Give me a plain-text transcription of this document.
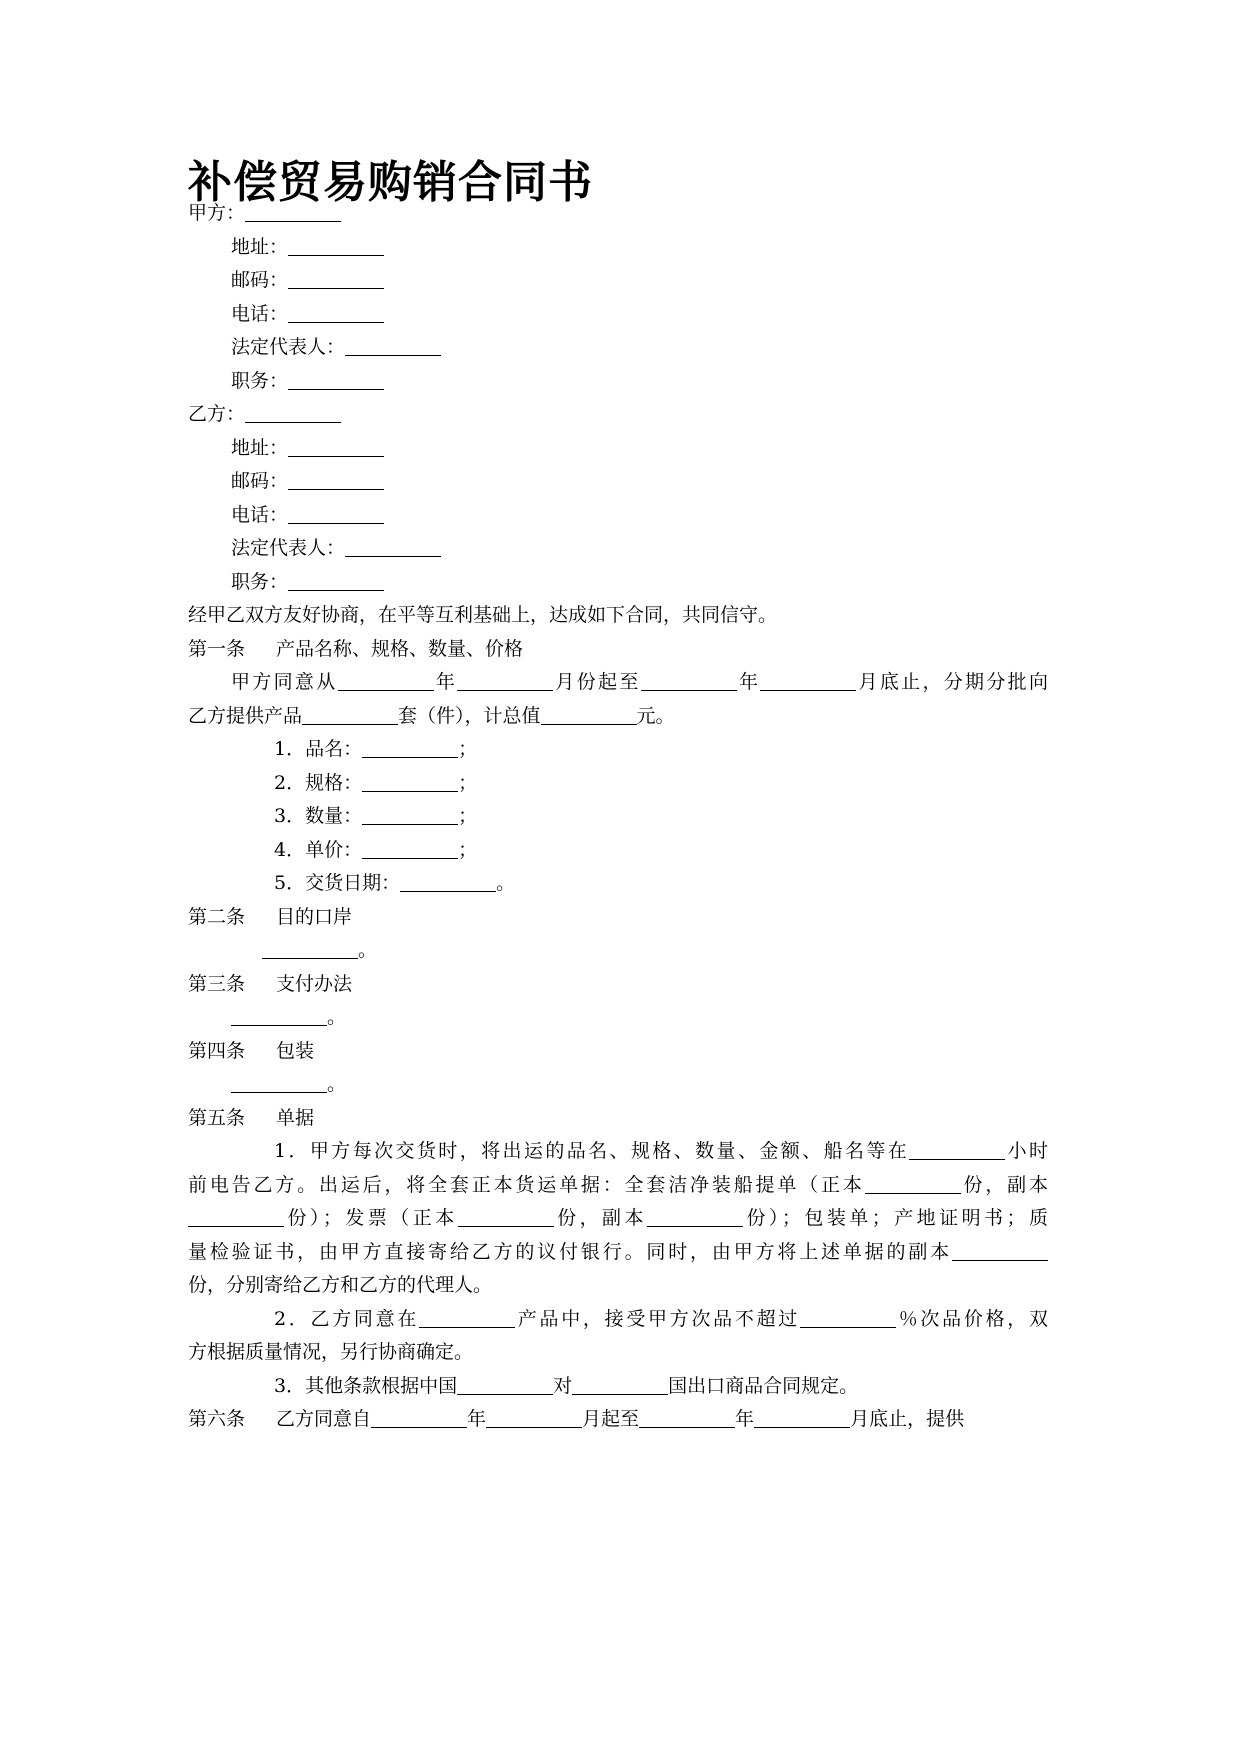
补偿贸易购销合同书
甲方：
地址：
邮码：
电话：
法定代表人：
职务：
乙方：
地址：
邮码：
电话：
法定代表人：
职务：
经甲乙双方友好协商，在平等互利基础上，达成如下合同，共同信守。
第一条 产品名称、规格、数量、价格
甲方同意从	年	月份起至	年	月底止，分期分批向
乙方提供产品	套（件），计总值	元。
1．品名：	；
2．规格：	；
3．数量：	；
4．单价：	；
5．交货日期：	。
第二条 目的口岸
。
第三条 支付办法
。
第四条 包装
。
第五条 单据
1．甲方每次交货时，将出运的品名、规格、数量、金额、船名等在	小时
前电告乙方。出运后，将全套正本货运单据：全套洁净装船提单（正本	份，副本
份）；发票（正本	份，副本	份）；包装单；产地证明书；质
量检验证书，由甲方直接寄给乙方的议付银行。同时，由甲方将上述单据的副本
份，分别寄给乙方和乙方的代理人。
2．乙方同意在	产品中，接受甲方次品不超过	％次品价格，双
方根据质量情况，另行协商确定。
3．其他条款根据中国	对	国出口商品合同规定。
第六条 乙方同意自	年	月起至	年	月底止，提供
